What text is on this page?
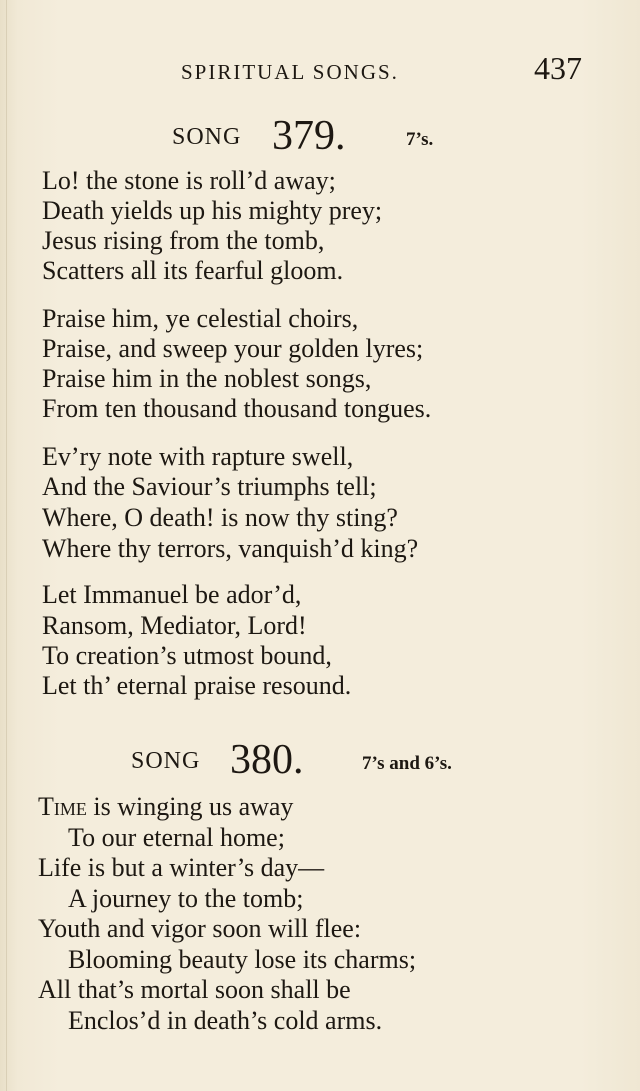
SPIRITUAL SONGS.	437
SONG 379.	7’s.
Lo! the stone is roll’d away;
Death yields up his mighty prey;
Jesus rising from the tomb,
Scatters all its fearful gloom.
Praise him, ye celestial choirs,
Praise, and sweep your golden lyres;
Praise him in the noblest songs,
From ten thousand thousand tongues.
Ev’ry note with rapture swell,
And the Saviour’s triumphs tell;
Where, O death! is now thy sting?
Where thy terrors, vanquish’d king?
Let Immanuel be ador’d,
Ransom, Mediator, Lord!
To creation’s utmost bound,
Let th’ eternal praise resound.
SONG 380.	7’s and 6’s.
Time is winging us away
To our eternal home;
Life is but a winter’s day—
A journey to the tomb;
Youth and vigor soon will flee:
Blooming beauty lose its charms;
All that’s mortal soon shall be
Enclos’d in death’s cold arms.
